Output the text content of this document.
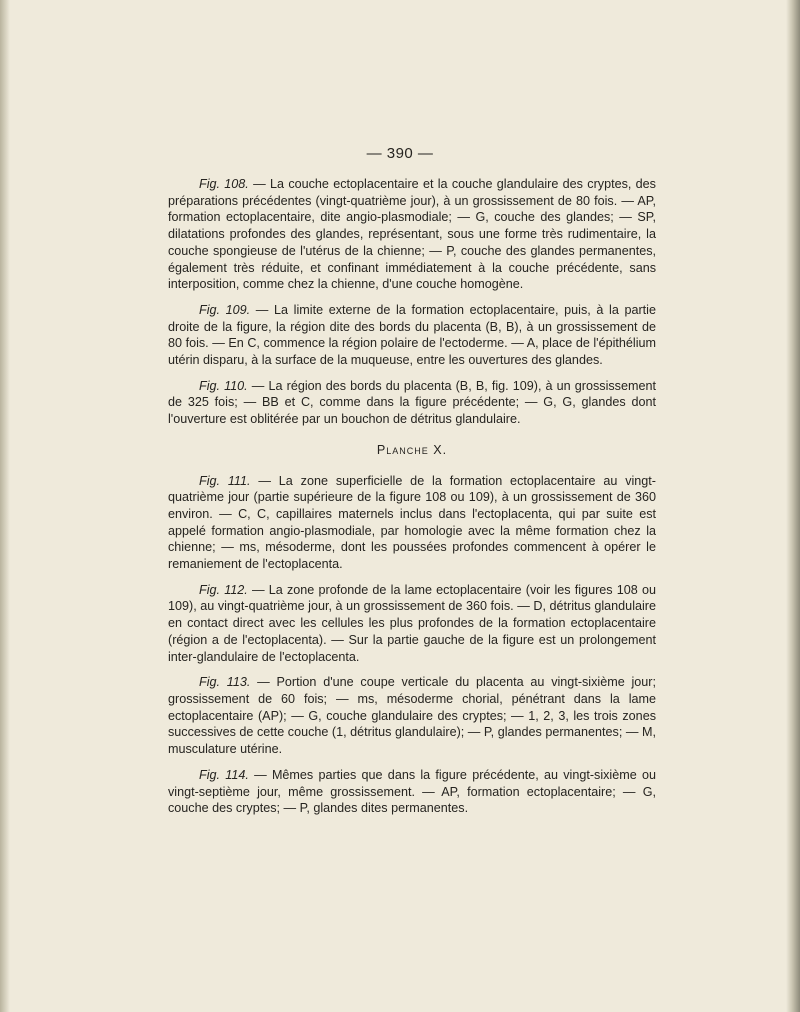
— 390 —

Fig. 108. — La couche ectoplacentaire et la couche glandulaire des cryptes, des préparations précédentes (vingt-quatrième jour), à un grossissement de 80 fois. — AP, formation ectoplacentaire, dite angio-plasmodiale; — G, couche des glandes; — SP, dilatations profondes des glandes, représentant, sous une forme très rudimentaire, la couche spongieuse de l'utérus de la chienne; — P, couche des glandes permanentes, également très réduite, et confinant immédiatement à la couche précédente, sans interposition, comme chez la chienne, d'une couche homogène.

Fig. 109. — La limite externe de la formation ectoplacentaire, puis, à la partie droite de la figure, la région dite des bords du placenta (B, B), à un grossissement de 80 fois. — En C, commence la région polaire de l'ectoderme. — A, place de l'épithélium utérin disparu, à la surface de la muqueuse, entre les ouvertures des glandes.

Fig. 110. — La région des bords du placenta (B, B, fig. 109), à un grossissement de 325 fois; — BB et C, comme dans la figure précédente; — G, G, glandes dont l'ouverture est oblitérée par un bouchon de détritus glandulaire.

Planche X.

Fig. 111. — La zone superficielle de la formation ectoplacentaire au vingt-quatrième jour (partie supérieure de la figure 108 ou 109), à un grossissement de 360 environ. — C, C, capillaires maternels inclus dans l'ectoplacenta, qui par suite est appelé formation angio-plasmodiale, par homologie avec la même formation chez la chienne; — ms, mésoderme, dont les poussées profondes commencent à opérer le remaniement de l'ectoplacenta.

Fig. 112. — La zone profonde de la lame ectoplacentaire (voir les figures 108 ou 109), au vingt-quatrième jour, à un grossissement de 360 fois. — D, détritus glandulaire en contact direct avec les cellules les plus profondes de la formation ectoplacentaire (région a de l'ectoplacenta). — Sur la partie gauche de la figure est un prolongement inter-glandulaire de l'ectoplacenta.

Fig. 113. — Portion d'une coupe verticale du placenta au vingt-sixième jour; grossissement de 60 fois; — ms, mésoderme chorial, pénétrant dans la lame ectoplacentaire (AP); — G, couche glandulaire des cryptes; — 1, 2, 3, les trois zones successives de cette couche (1, détritus glandulaire); — P, glandes permanentes; — M, musculature utérine.

Fig. 114. — Mêmes parties que dans la figure précédente, au vingt-sixième ou vingt-septième jour, même grossissement. — AP, formation ectoplacentaire; — G, couche des cryptes; — P, glandes dites permanentes.
